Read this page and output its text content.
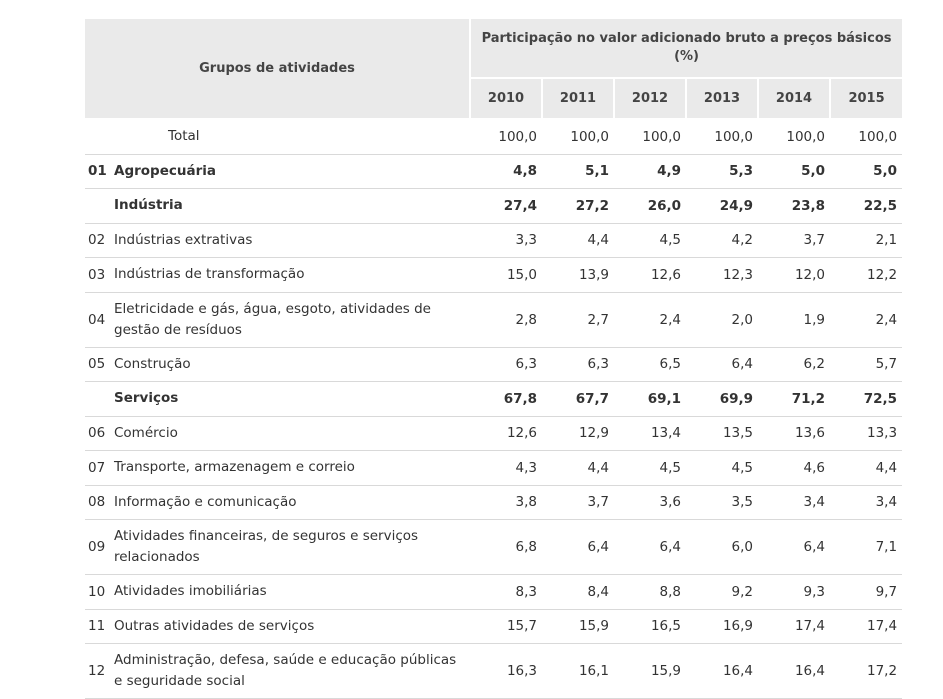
Grupos de atividades		Participação no valor adicionado bruto a preços básicos (%)					
		2010	2011	2012	2013	2014	2015
Total		100,0	100,0	100,0	100,0	100,0	100,0
01	Agropecuária	4,8	5,1	4,9	5,3	5,0	5,0
	Indústria	27,4	27,2	26,0	24,9	23,8	22,5
02	Indústrias extrativas	3,3	4,4	4,5	4,2	3,7	2,1
03	Indústrias de transformação	15,0	13,9	12,6	12,3	12,0	12,2
04	Eletricidade e gás, água, esgoto, atividades de gestão de resíduos	2,8	2,7	2,4	2,0	1,9	2,4
05	Construção	6,3	6,3	6,5	6,4	6,2	5,7
	Serviços	67,8	67,7	69,1	69,9	71,2	72,5
06	Comércio	12,6	12,9	13,4	13,5	13,6	13,3
07	Transporte, armazenagem e correio	4,3	4,4	4,5	4,5	4,6	4,4
08	Informação e comunicação	3,8	3,7	3,6	3,5	3,4	3,4
09	Atividades financeiras, de seguros e serviços relacionados	6,8	6,4	6,4	6,0	6,4	7,1
10	Atividades imobiliárias	8,3	8,4	8,8	9,2	9,3	9,7
11	Outras atividades de serviços	15,7	15,9	16,5	16,9	17,4	17,4
12	Administração, defesa, saúde e educação públicas e seguridade social	16,3	16,1	15,9	16,4	16,4	17,2
